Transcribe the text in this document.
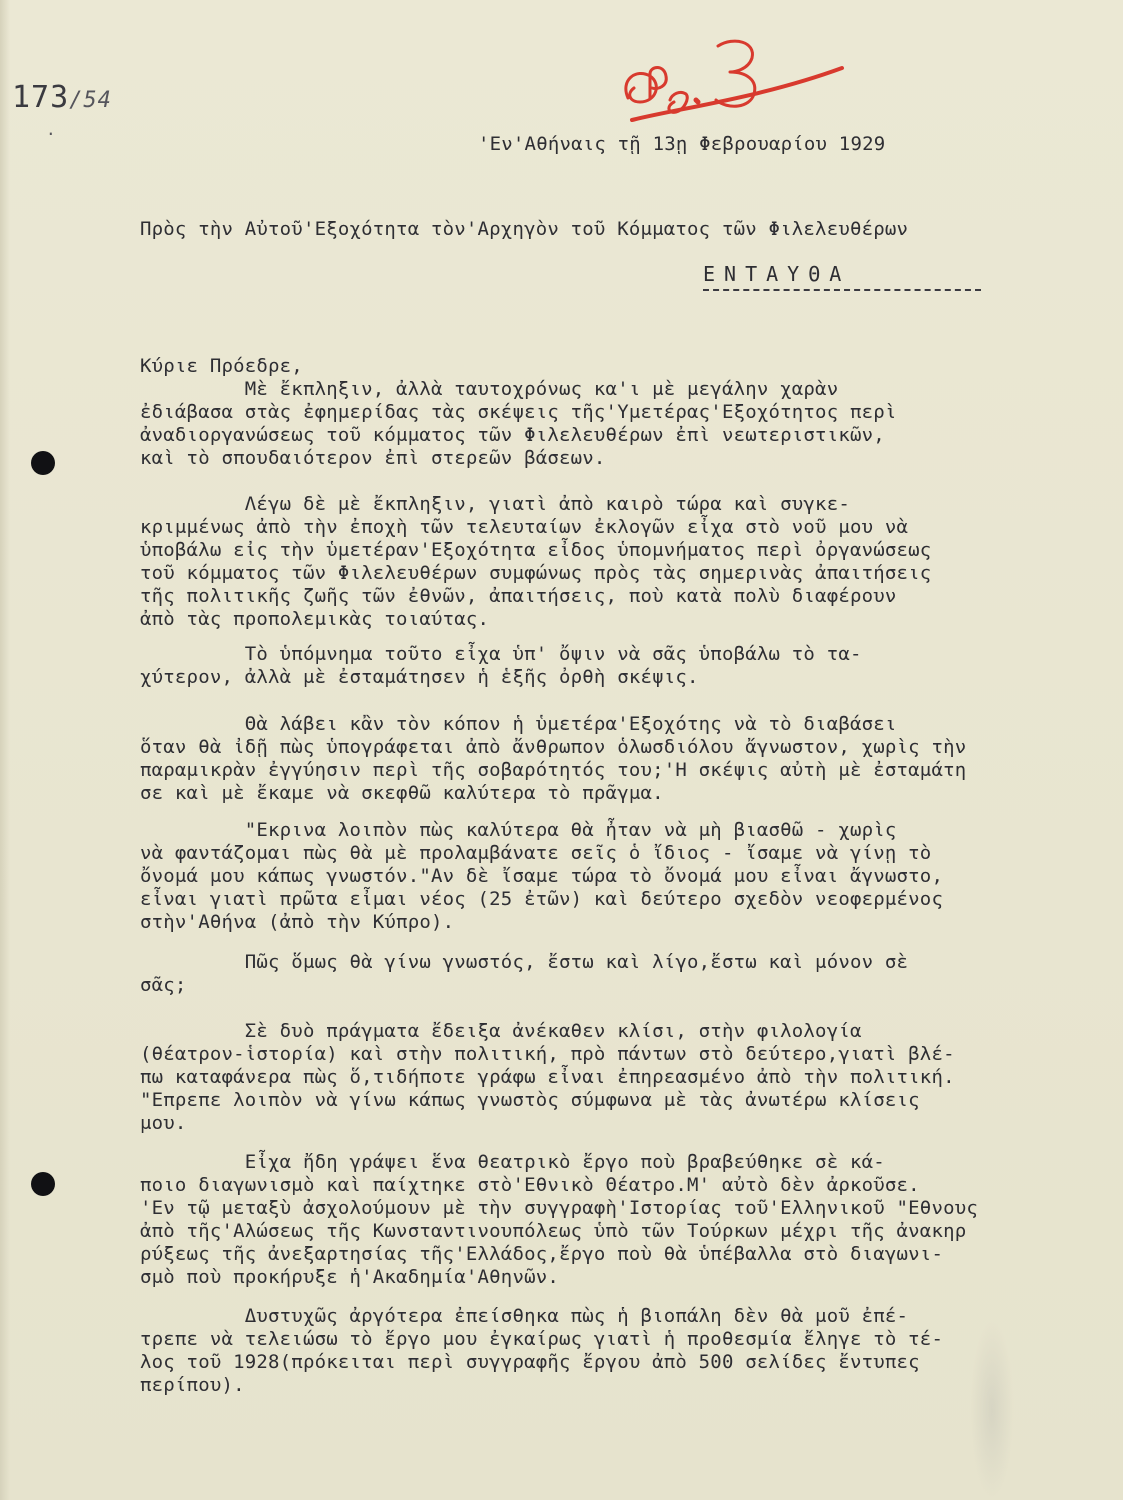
173/54
.
'Εν'Αθήναις τῇ 13ῃ Φεβρουαρίου 1929
Πρὸς τὴν Αὐτοῦ'Εξοχότητα τὸν'Αρχηγὸν τοῦ Κόμματος τῶν Φιλελευθέρων
ΕΝΤΑΥΘΑ
Κύριε Πρόεδρε,
Μὲ ἔκπληξιν, ἀλλὰ ταυτοχρόνως κα'ι μὲ μεγάλην χαρὰν
ἐδιάβασα στὰς ἐφημερίδας τὰς σκέψεις τῆς'Υμετέρας'Εξοχότητος περὶ
ἀναδιοργανώσεως τοῦ κόμματος τῶν Φιλελευθέρων ἐπὶ νεωτεριστικῶν,
καὶ τὸ σπουδαιότερον ἐπὶ στερεῶν βάσεων.
Λέγω δὲ μὲ ἔκπληξιν, γιατὶ ἀπὸ καιρὸ τώρα καὶ συγκε-
κριμμένως ἀπὸ τὴν ἐποχὴ τῶν τελευταίων ἐκλογῶν εἶχα στὸ νοῦ μου νὰ
ὑποβάλω εἰς τὴν ὑμετέραν'Εξοχότητα εἶδος ὑπομνήματος περὶ ὀργανώσεως
τοῦ κόμματος τῶν Φιλελευθέρων συμφώνως πρὸς τὰς σημερινὰς ἀπαιτήσεις
τῆς πολιτικῆς ζωῆς τῶν ἐθνῶν, ἀπαιτήσεις, ποὺ κατὰ πολὺ διαφέρουν
ἀπὸ τὰς προπολεμικὰς τοιαύτας.
Τὸ ὑπόμνημα τοῦτο εἶχα ὑπ' ὄψιν νὰ σᾶς ὑποβάλω τὸ τα-
χύτερον, ἀλλὰ μὲ ἐσταμάτησεν ἡ ἑξῆς ὀρθὴ σκέψις.
Θὰ λάβει κἂν τὸν κόπον ἡ ὑμετέρα'Εξοχότης νὰ τὸ διαβάσει
ὅταν θὰ ἰδῇ πὼς ὑπογράφεται ἀπὸ ἄνθρωπον ὁλωσδιόλου ἄγνωστον, χωρὶς τὴν
παραμικρὰν ἐγγύησιν περὶ τῆς σοβαρότητός του;'Η σκέψις αὐτὴ μὲ ἐσταμάτη
σε καὶ μὲ ἔκαμε νὰ σκεφθῶ καλύτερα τὸ πρᾶγμα.
"Εκρινα λοιπὸν πὼς καλύτερα θὰ ἦταν νὰ μὴ βιασθῶ - χωρὶς
νὰ φαντάζομαι πὼς θὰ μὲ προλαμβάνατε σεῖς ὁ ἴδιος - ἴσαμε νὰ γίνῃ τὸ
ὄνομά μου κάπως γνωστόν."Αν δὲ ἴσαμε τώρα τὸ ὄνομά μου εἶναι ἄγνωστο,
εἶναι γιατὶ πρῶτα εἶμαι νέος (25 ἐτῶν) καὶ δεύτερο σχεδὸν νεοφερμένος
στὴν'Αθήνα (ἀπὸ τὴν Κύπρο).
Πῶς ὅμως θὰ γίνω γνωστός, ἔστω καὶ λίγο,ἔστω καὶ μόνον σὲ
σᾶς;
Σὲ δυὸ πράγματα ἔδειξα ἀνέκαθεν κλίσι, στὴν φιλολογία
(θέατρον-ἱστορία) καὶ στὴν πολιτική, πρὸ πάντων στὸ δεύτερο,γιατὶ βλέ-
πω καταφάνερα πὼς ὅ,τιδήποτε γράφω εἶναι ἐπηρεασμένο ἀπὸ τὴν πολιτική.
"Επρεπε λοιπὸν νὰ γίνω κάπως γνωστὸς σύμφωνα μὲ τὰς ἀνωτέρω κλίσεις
μου.
Εἶχα ἤδη γράψει ἕνα θεατρικὸ ἔργο ποὺ βραβεύθηκε σὲ κά-
ποιο διαγωνισμὸ καὶ παίχτηκε στὸ'Εθνικὸ Θέατρο.Μ' αὐτὸ δὲν ἀρκοῦσε.
'Εν τῷ μεταξὺ ἀσχολούμουν μὲ τὴν συγγραφὴ'Ιστορίας τοῦ'Ελληνικοῦ "Εθνους
ἀπὸ τῆς'Αλώσεως τῆς Κωνσταντινουπόλεως ὑπὸ τῶν Τούρκων μέχρι τῆς ἀνακηρ
ρύξεως τῆς ἀνεξαρτησίας τῆς'Ελλάδος,ἔργο ποὺ θὰ ὑπέβαλλα στὸ διαγωνι-
σμὸ ποὺ προκήρυξε ἡ'Ακαδημία'Αθηνῶν.
Δυστυχῶς ἀργότερα ἐπείσθηκα πὼς ἡ βιοπάλη δὲν θὰ μοῦ ἐπέ-
τρεπε νὰ τελειώσω τὸ ἔργο μου ἐγκαίρως γιατὶ ἡ προθεσμία ἔληγε τὸ τέ-
λος τοῦ 1928(πρόκειται περὶ συγγραφῆς ἔργου ἀπὸ 500 σελίδες ἔντυπες
περίπου).
